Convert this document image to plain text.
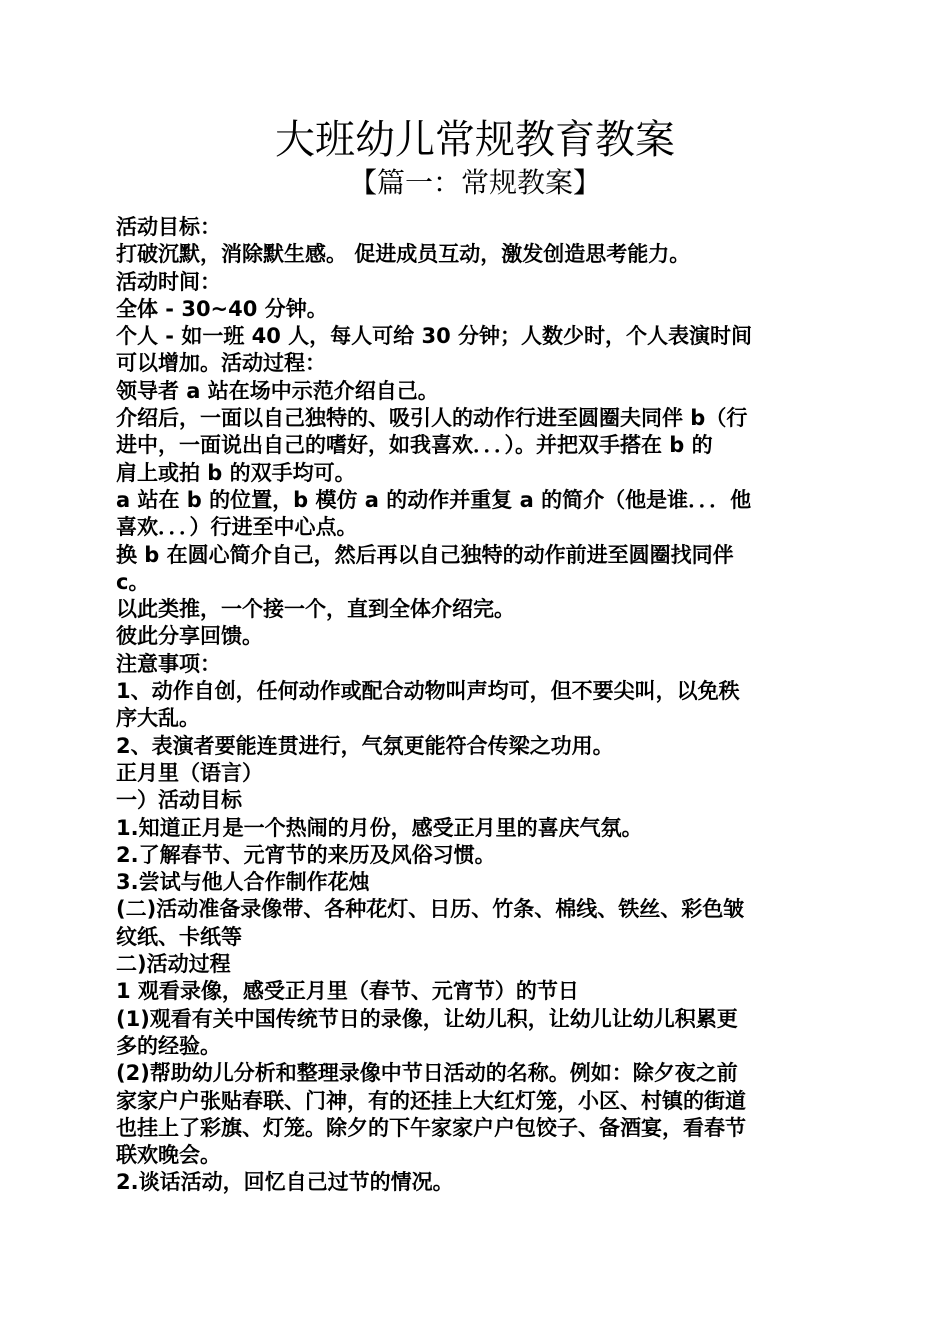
大班幼儿常规教育教案
【篇一：常规教案】
活动目标：
打破沉默，消除默生感。 促进成员互动，激发创造思考能力。
活动时间：
全体 - 30~40 分钟。
个人 - 如一班 40 人，每人可给 30 分钟；人数少时，个人表演时间
可以增加。活动过程：
领导者 a 站在场中示范介绍自己。
介绍后，一面以自己独特的、吸引人的动作行进至圆圈夫同伴 b（行
进中，一面说出自己的嗜好，如我喜欢．．．）。并把双手搭在 b 的
肩上或拍 b 的双手均可。
a 站在 b 的位置，b 模仿 a 的动作并重复 a 的简介（他是谁．．．他
喜欢．．．）行进至中心点。
换 b 在圆心简介自己，然后再以自己独特的动作前进至圆圈找同伴
c。
以此类推，一个接一个，直到全体介绍完。
彼此分享回馈。
注意事项：
1、动作自创，任何动作或配合动物叫声均可，但不要尖叫，以免秩
序大乱。
2、表演者要能连贯进行，气氛更能符合传梁之功用。
正月里（语言）
一）活动目标
1.知道正月是一个热闹的月份，感受正月里的喜庆气氛。
2.了解春节、元宵节的来历及风俗习惯。
3.尝试与他人合作制作花烛
(二)活动准备录像带、各种花灯、日历、竹条、棉线、铁丝、彩色皱
纹纸、卡纸等
二)活动过程
1 观看录像，感受正月里（春节、元宵节）的节日
(1)观看有关中国传统节日的录像，让幼儿积，让幼儿让幼儿积累更
多的经验。
(2)帮助幼儿分析和整理录像中节日活动的名称。例如：除夕夜之前
家家户户张贴春联、门神，有的还挂上大红灯笼，小区、村镇的街道
也挂上了彩旗、灯笼。除夕的下午家家户户包饺子、备酒宴，看春节
联欢晚会。
2.谈话活动，回忆自己过节的情况。
